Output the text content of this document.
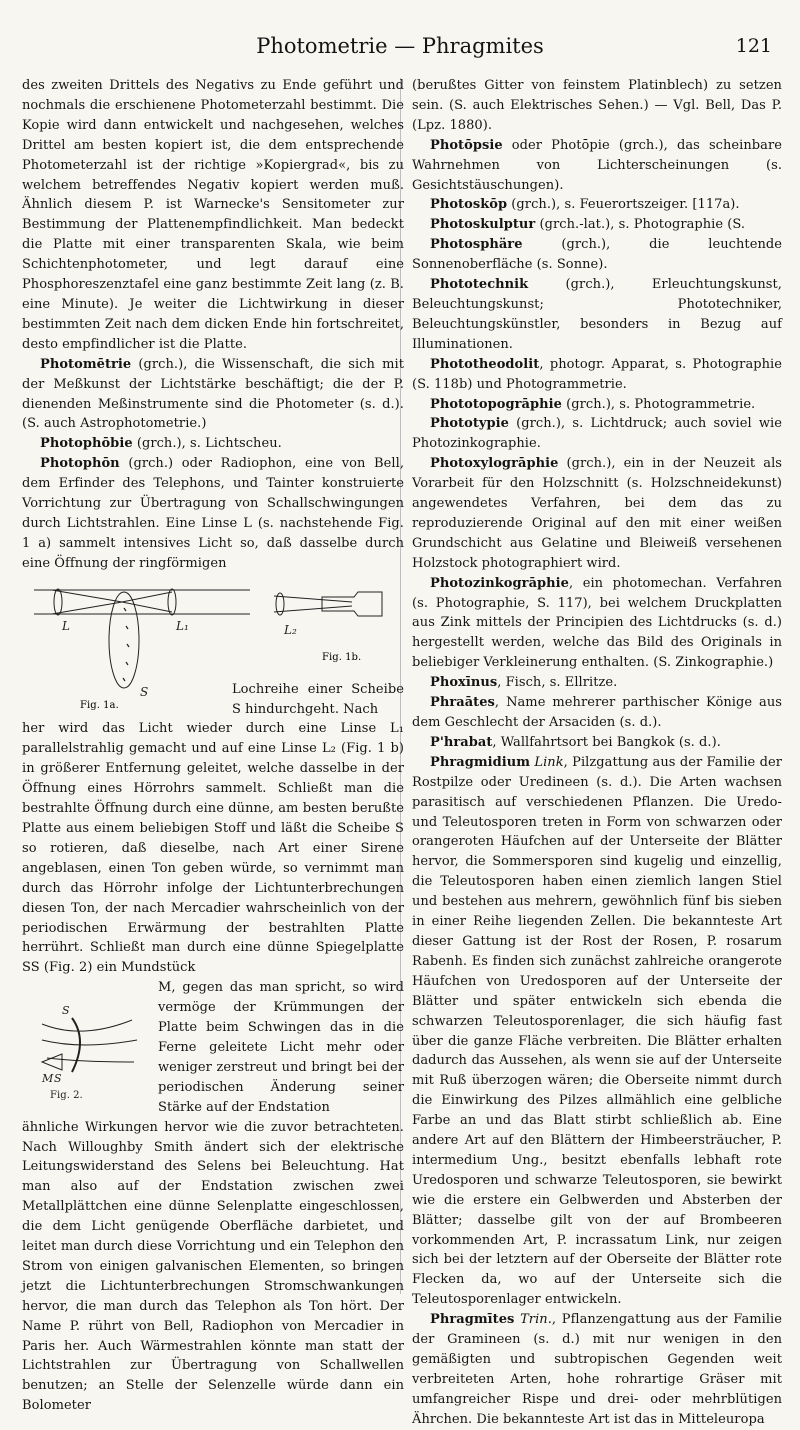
Photometrie — Phragmites	121

des zweiten Drittels des Negativs zu Ende geführt und nochmals die erschienene Photometerzahl bestimmt. Die Kopie wird dann entwickelt und nachgesehen, welches Drittel am besten kopiert ist, die dem entsprechende Photometerzahl ist der richtige »Kopiergrad«, bis zu welchem betreffendes Negativ kopiert werden muß. Ähnlich diesem P. ist Warnecke's Sensitometer zur Bestimmung der Plattenempfindlichkeit. Man bedeckt die Platte mit einer transparenten Skala, wie beim Schichtenphotometer, und legt darauf eine Phosphoreszenztafel eine ganz bestimmte Zeit lang (z. B. eine Minute). Je weiter die Lichtwirkung in dieser bestimmten Zeit nach dem dicken Ende hin fortschreitet, desto empfindlicher ist die Platte.

Photomētrie (grch.), die Wissenschaft, die sich mit der Meßkunst der Lichtstärke beschäftigt; die der P. dienenden Meßinstrumente sind die Photometer (s. d.). (S. auch Astrophotometrie.)

Photophōbie (grch.), s. Lichtscheu.

Photophōn (grch.) oder Radiophon, eine von Bell, dem Erfinder des Telephons, und Tainter konstruierte Vorrichtung zur Übertragung von Schallschwingungen durch Lichtstrahlen. Eine Linse L (s. nachstehende Fig. 1 a) sammelt intensives Licht so, daß dasselbe durch eine Öffnung der ringförmigen

L	L₁	L₂
S
Fig. 1b.
Fig. 1a.

Lochreihe einer Scheibe S hindurchgeht. Nach

her wird das Licht wieder durch eine Linse L₁ parallelstrahlig gemacht und auf eine Linse L₂ (Fig. 1 b) in größerer Entfernung geleitet, welche dasselbe in der Öffnung eines Hörrohrs sammelt. Schließt man die bestrahlte Öffnung durch eine dünne, am besten berußte Platte aus einem beliebigen Stoff und läßt die Scheibe S so rotieren, daß dieselbe, nach Art einer Sirene angeblasen, einen Ton geben würde, so vernimmt man durch das Hörrohr infolge der Lichtunterbrechungen diesen Ton, der nach Mercadier wahrscheinlich von der periodischen Erwärmung der bestrahlten Platte herrührt. Schließt man durch eine dünne Spiegelplatte SS (Fig. 2) ein Mundstück

S
M S
Fig. 2.

M, gegen das man spricht, so wird vermöge der Krümmungen der Platte beim Schwingen das in die Ferne geleitete Licht mehr oder weniger zerstreut und bringt bei der periodischen Änderung seiner Stärke auf der Endstation

ähnliche Wirkungen hervor wie die zuvor betrachteten. Nach Willoughby Smith ändert sich der elektrische Leitungswiderstand des Selens bei Beleuchtung. Hat man also auf der Endstation zwischen zwei Metallplättchen eine dünne Selenplatte eingeschlossen, die dem Licht genügende Oberfläche darbietet, und leitet man durch diese Vorrichtung und ein Telephon den Strom von einigen galvanischen Elementen, so bringen jetzt die Lichtunterbrechungen Stromschwankungen hervor, die man durch das Telephon als Ton hört. Der Name P. rührt von Bell, Radiophon von Mercadier in Paris her. Auch Wärmestrahlen könnte man statt der Lichtstrahlen zur Übertragung von Schallwellen benutzen; an Stelle der Selenzelle würde dann ein Bolometer

(berußtes Gitter von feinstem Platinblech) zu setzen sein. (S. auch Elektrisches Sehen.) — Vgl. Bell, Das P. (Lpz. 1880).

Photōpsie oder Photōpie (grch.), das scheinbare Wahrnehmen von Lichterscheinungen (s. Gesichtstäuschungen).

Photoskōp (grch.), s. Feuerortszeiger. [117a).

Photoskulptur (grch.-lat.), s. Photographie (S.

Photosphäre (grch.), die leuchtende Sonnenoberfläche (s. Sonne).

Phototechnik (grch.), Erleuchtungskunst, Beleuchtungskunst; Phototechniker, Beleuchtungskünstler, besonders in Bezug auf Illuminationen.

Phototheodolit, photogr. Apparat, s. Photographie (S. 118b) und Photogrammetrie.

Phototopogrāphie (grch.), s. Photogrammetrie.

Phototypie (grch.), s. Lichtdruck; auch soviel wie Photozinkographie.

Photoxylogrāphie (grch.), ein in der Neuzeit als Vorarbeit für den Holzschnitt (s. Holzschneidekunst) angewendetes Verfahren, bei dem das zu reproduzierende Original auf den mit einer weißen Grundschicht aus Gelatine und Bleiweiß versehenen Holzstock photographiert wird.

Photozinkogrāphie, ein photomechan. Verfahren (s. Photographie, S. 117), bei welchem Druckplatten aus Zink mittels der Principien des Lichtdrucks (s. d.) hergestellt werden, welche das Bild des Originals in beliebiger Verkleinerung enthalten. (S. Zinkographie.)

Phoxīnus, Fisch, s. Ellritze.

Phraātes, Name mehrerer parthischer Könige aus dem Geschlecht der Arsaciden (s. d.).

P'hrabat, Wallfahrtsort bei Bangkok (s. d.).

Phragmidium Link, Pilzgattung aus der Familie der Rostpilze oder Uredineen (s. d.). Die Arten wachsen parasitisch auf verschiedenen Pflanzen. Die Uredo- und Teleutosporen treten in Form von schwarzen oder orangeroten Häufchen auf der Unterseite der Blätter hervor, die Sommersporen sind kugelig und einzellig, die Teleutosporen haben einen ziemlich langen Stiel und bestehen aus mehrern, gewöhnlich fünf bis sieben in einer Reihe liegenden Zellen. Die bekannteste Art dieser Gattung ist der Rost der Rosen, P. rosarum Rabenh. Es finden sich zunächst zahlreiche orangerote Häufchen von Uredosporen auf der Unterseite der Blätter und später entwickeln sich ebenda die schwarzen Teleutosporenlager, die sich häufig fast über die ganze Fläche verbreiten. Die Blätter erhalten dadurch das Aussehen, als wenn sie auf der Unterseite mit Ruß überzogen wären; die Oberseite nimmt durch die Einwirkung des Pilzes allmählich eine gelbliche Farbe an und das Blatt stirbt schließlich ab. Eine andere Art auf den Blättern der Himbeersträucher, P. intermedium Ung., besitzt ebenfalls lebhaft rote Uredosporen und schwarze Teleutosporen, sie bewirkt wie die erstere ein Gelbwerden und Absterben der Blätter; dasselbe gilt von der auf Brombeeren vorkommenden Art, P. incrassatum Link, nur zeigen sich bei der letztern auf der Oberseite der Blätter rote Flecken da, wo auf der Unterseite sich die Teleutosporenlager entwickeln.

Phragmītes Trin., Pflanzengattung aus der Familie der Gramineen (s. d.) mit nur wenigen in den gemäßigten und subtropischen Gegenden weit verbreiteten Arten, hohe rohrartige Gräser mit umfangreicher Rispe und drei- oder mehrblütigen Ährchen. Die bekannteste Art ist das in Mitteleuropa
